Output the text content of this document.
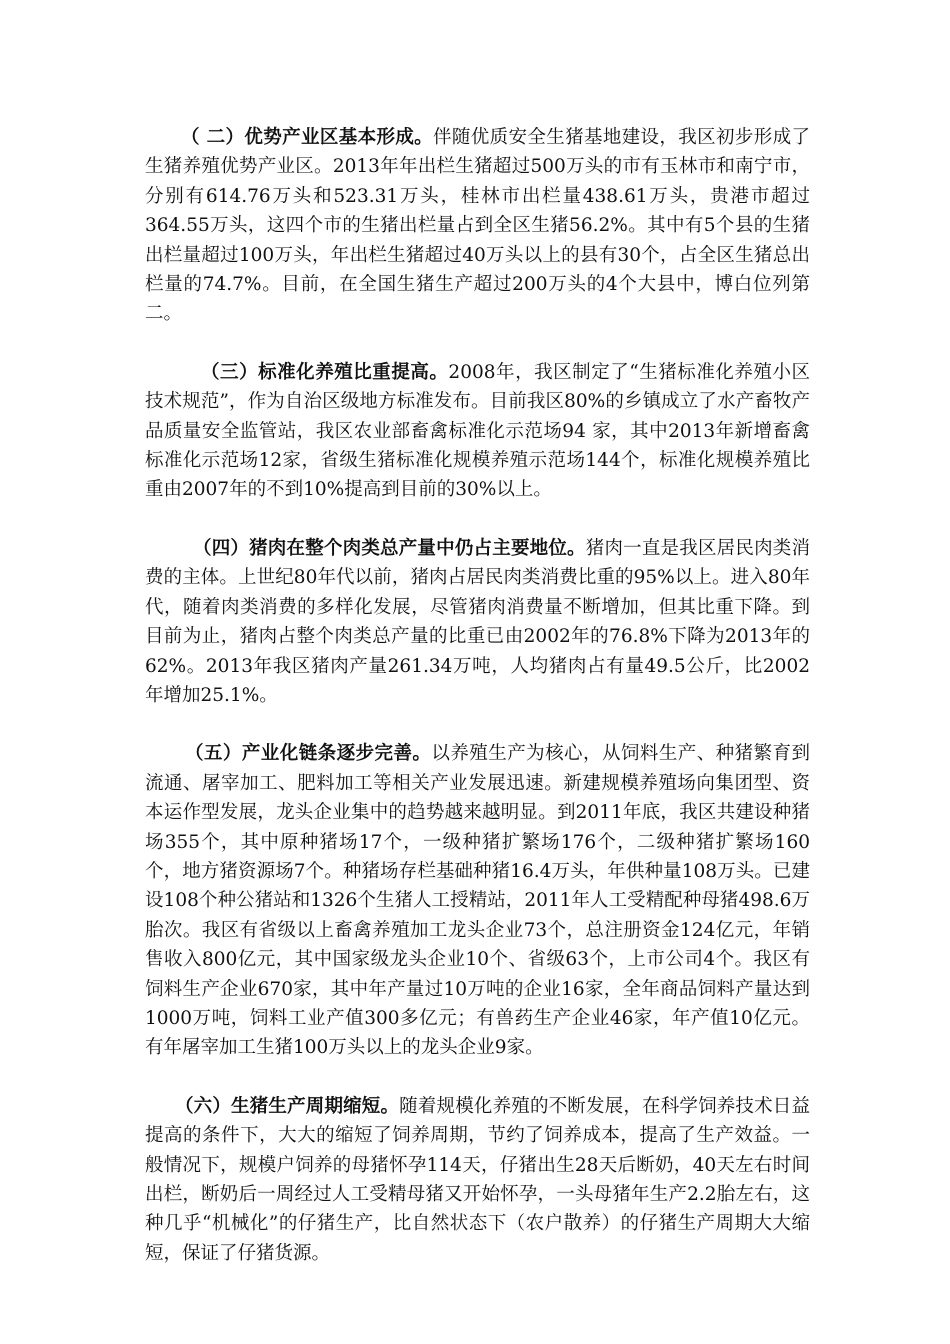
（ 二）优势产业区基本形成。伴随优质安全生猪基地建设，我区初步形成了生猪养殖优势产业区。2013年年出栏生猪超过500万头的市有玉林市和南宁市，分别有614.76万头和523.31万头，桂林市出栏量438.61万头，贵港市超过364.55万头，这四个市的生猪出栏量占到全区生猪56.2%。其中有5个县的生猪出栏量超过100万头，年出栏生猪超过40万头以上的县有30个，占全区生猪总出栏量的74.7%。目前，在全国生猪生产超过200万头的4个大县中，博白位列第二。

（三）标准化养殖比重提高。2008年，我区制定了“生猪标准化养殖小区技术规范”，作为自治区级地方标准发布。目前我区80%的乡镇成立了水产畜牧产品质量安全监管站，我区农业部畜禽标准化示范场94 家，其中2013年新增畜禽标准化示范场12家，省级生猪标准化规模养殖示范场144个，标准化规模养殖比重由2007年的不到10%提高到目前的30%以上。

（四）猪肉在整个肉类总产量中仍占主要地位。猪肉一直是我区居民肉类消费的主体。上世纪80年代以前，猪肉占居民肉类消费比重的95%以上。进入80年代，随着肉类消费的多样化发展，尽管猪肉消费量不断增加，但其比重下降。到目前为止，猪肉占整个肉类总产量的比重已由2002年的76.8%下降为2013年的62%。2013年我区猪肉产量261.34万吨，人均猪肉占有量49.5公斤，比2002年增加25.1%。

（五）产业化链条逐步完善。以养殖生产为核心，从饲料生产、种猪繁育到流通、屠宰加工、肥料加工等相关产业发展迅速。新建规模养殖场向集团型、资本运作型发展，龙头企业集中的趋势越来越明显。到2011年底，我区共建设种猪场355个，其中原种猪场17个，一级种猪扩繁场176个，二级种猪扩繁场160个，地方猪资源场7个。种猪场存栏基础种猪16.4万头，年供种量108万头。已建设108个种公猪站和1326个生猪人工授精站，2011年人工受精配种母猪498.6万胎次。我区有省级以上畜禽养殖加工龙头企业73个，总注册资金124亿元，年销售收入800亿元，其中国家级龙头企业10个、省级63个，上市公司4个。我区有饲料生产企业670家，其中年产量过10万吨的企业16家，全年商品饲料产量达到1000万吨，饲料工业产值300多亿元；有兽药生产企业46家，年产值10亿元。有年屠宰加工生猪100万头以上的龙头企业9家。

（六）生猪生产周期缩短。随着规模化养殖的不断发展，在科学饲养技术日益提高的条件下，大大的缩短了饲养周期，节约了饲养成本，提高了生产效益。一般情况下，规模户饲养的母猪怀孕114天，仔猪出生28天后断奶，40天左右时间出栏，断奶后一周经过人工受精母猪又开始怀孕，一头母猪年生产2.2胎左右，这种几乎“机械化”的仔猪生产，比自然状态下（农户散养）的仔猪生产周期大大缩短，保证了仔猪货源。
